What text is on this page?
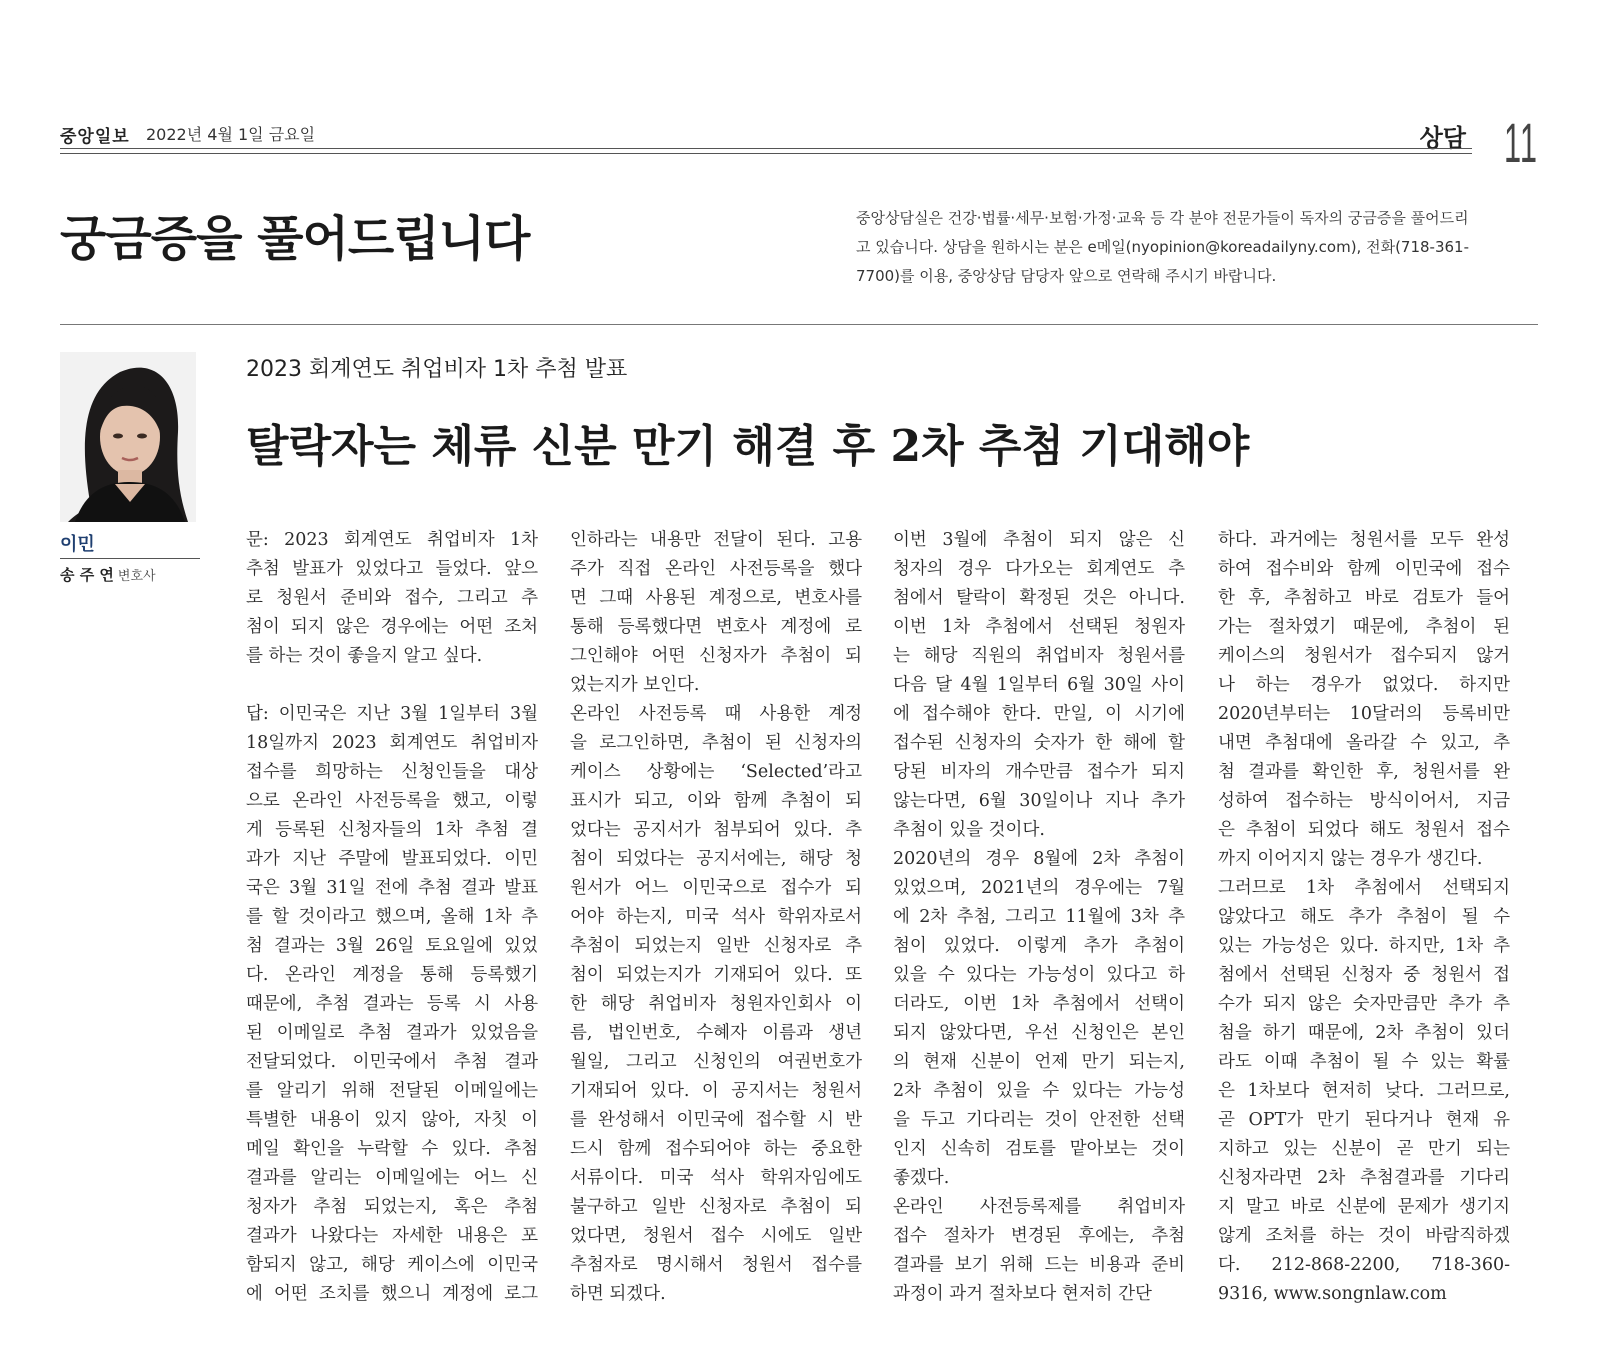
중앙일보 2022년 4월 1일 금요일	상담 11
궁금증을 풀어드립니다	중앙상담실은 건강·법률·세무·보험·가정·교육 등 각 분야 전문가들이 독자의 궁금증을 풀어드리
고 있습니다. 상담을 원하시는 분은 e메일(nyopinion@koreadailyny.com), 전화(718-361-
7700)를 이용, 중앙상담 담당자 앞으로 연락해 주시기 바랍니다.
이민
송 주 연 변호사
2023 회계연도 취업비자 1차 추첨 발표
탈락자는 체류 신분 만기 해결 후 2차 추첨 기대해야
문: 2023 회계연도 취업비자 1차
추첨 발표가 있었다고 들었다. 앞으
로 청원서 준비와 접수, 그리고 추
첨이 되지 않은 경우에는 어떤 조처
를 하는 것이 좋을지 알고 싶다.
답: 이민국은 지난 3월 1일부터 3월
18일까지 2023 회계연도 취업비자
접수를 희망하는 신청인들을 대상
으로 온라인 사전등록을 했고, 이렇
게 등록된 신청자들의 1차 추첨 결
과가 지난 주말에 발표되었다. 이민
국은 3월 31일 전에 추첨 결과 발표
를 할 것이라고 했으며, 올해 1차 추
첨 결과는 3월 26일 토요일에 있었
다. 온라인 계정을 통해 등록했기
때문에, 추첨 결과는 등록 시 사용
된 이메일로 추첨 결과가 있었음을
전달되었다. 이민국에서 추첨 결과
를 알리기 위해 전달된 이메일에는
특별한 내용이 있지 않아, 자칫 이
메일 확인을 누락할 수 있다. 추첨
결과를 알리는 이메일에는 어느 신
청자가 추첨 되었는지, 혹은 추첨
결과가 나왔다는 자세한 내용은 포
함되지 않고, 해당 케이스에 이민국
에 어떤 조치를 했으니 계정에 로그
인하라는 내용만 전달이 된다. 고용
주가 직접 온라인 사전등록을 했다
면 그때 사용된 계정으로, 변호사를
통해 등록했다면 변호사 계정에 로
그인해야 어떤 신청자가 추첨이 되
었는지가 보인다.
온라인 사전등록 때 사용한 계정
을 로그인하면, 추첨이 된 신청자의
케이스 상황에는 ‘Selected’라고
표시가 되고, 이와 함께 추첨이 되
었다는 공지서가 첨부되어 있다. 추
첨이 되었다는 공지서에는, 해당 청
원서가 어느 이민국으로 접수가 되
어야 하는지, 미국 석사 학위자로서
추첨이 되었는지 일반 신청자로 추
첨이 되었는지가 기재되어 있다. 또
한 해당 취업비자 청원자인회사 이
름, 법인번호, 수혜자 이름과 생년
월일, 그리고 신청인의 여권번호가
기재되어 있다. 이 공지서는 청원서
를 완성해서 이민국에 접수할 시 반
드시 함께 접수되어야 하는 중요한
서류이다. 미국 석사 학위자임에도
불구하고 일반 신청자로 추첨이 되
었다면, 청원서 접수 시에도 일반
추첨자로 명시해서 청원서 접수를
하면 되겠다.
이번 3월에 추첨이 되지 않은 신
청자의 경우 다가오는 회계연도 추
첨에서 탈락이 확정된 것은 아니다.
이번 1차 추첨에서 선택된 청원자
는 해당 직원의 취업비자 청원서를
다음 달 4월 1일부터 6월 30일 사이
에 접수해야 한다. 만일, 이 시기에
접수된 신청자의 숫자가 한 해에 할
당된 비자의 개수만큼 접수가 되지
않는다면, 6월 30일이나 지나 추가
추첨이 있을 것이다.
2020년의 경우 8월에 2차 추첨이
있었으며, 2021년의 경우에는 7월
에 2차 추첨, 그리고 11월에 3차 추
첨이 있었다. 이렇게 추가 추첨이
있을 수 있다는 가능성이 있다고 하
더라도, 이번 1차 추첨에서 선택이
되지 않았다면, 우선 신청인은 본인
의 현재 신분이 언제 만기 되는지,
2차 추첨이 있을 수 있다는 가능성
을 두고 기다리는 것이 안전한 선택
인지 신속히 검토를 맡아보는 것이
좋겠다.
온라인 사전등록제를 취업비자
접수 절차가 변경된 후에는, 추첨
결과를 보기 위해 드는 비용과 준비
과정이 과거 절차보다 현저히 간단
하다. 과거에는 청원서를 모두 완성
하여 접수비와 함께 이민국에 접수
한 후, 추첨하고 바로 검토가 들어
가는 절차였기 때문에, 추첨이 된
케이스의 청원서가 접수되지 않거
나 하는 경우가 없었다. 하지만
2020년부터는 10달러의 등록비만
내면 추첨대에 올라갈 수 있고, 추
첨 결과를 확인한 후, 청원서를 완
성하여 접수하는 방식이어서, 지금
은 추첨이 되었다 해도 청원서 접수
까지 이어지지 않는 경우가 생긴다.
그러므로 1차 추첨에서 선택되지
않았다고 해도 추가 추첨이 될 수
있는 가능성은 있다. 하지만, 1차 추
첨에서 선택된 신청자 중 청원서 접
수가 되지 않은 숫자만큼만 추가 추
첨을 하기 때문에, 2차 추첨이 있더
라도 이때 추첨이 될 수 있는 확률
은 1차보다 현저히 낮다. 그러므로,
곧 OPT가 만기 된다거나 현재 유
지하고 있는 신분이 곧 만기 되는
신청자라면 2차 추첨결과를 기다리
지 말고 바로 신분에 문제가 생기지
않게 조처를 하는 것이 바람직하겠
다. 212-868-2200, 718-360-
9316, www.songnlaw.com
